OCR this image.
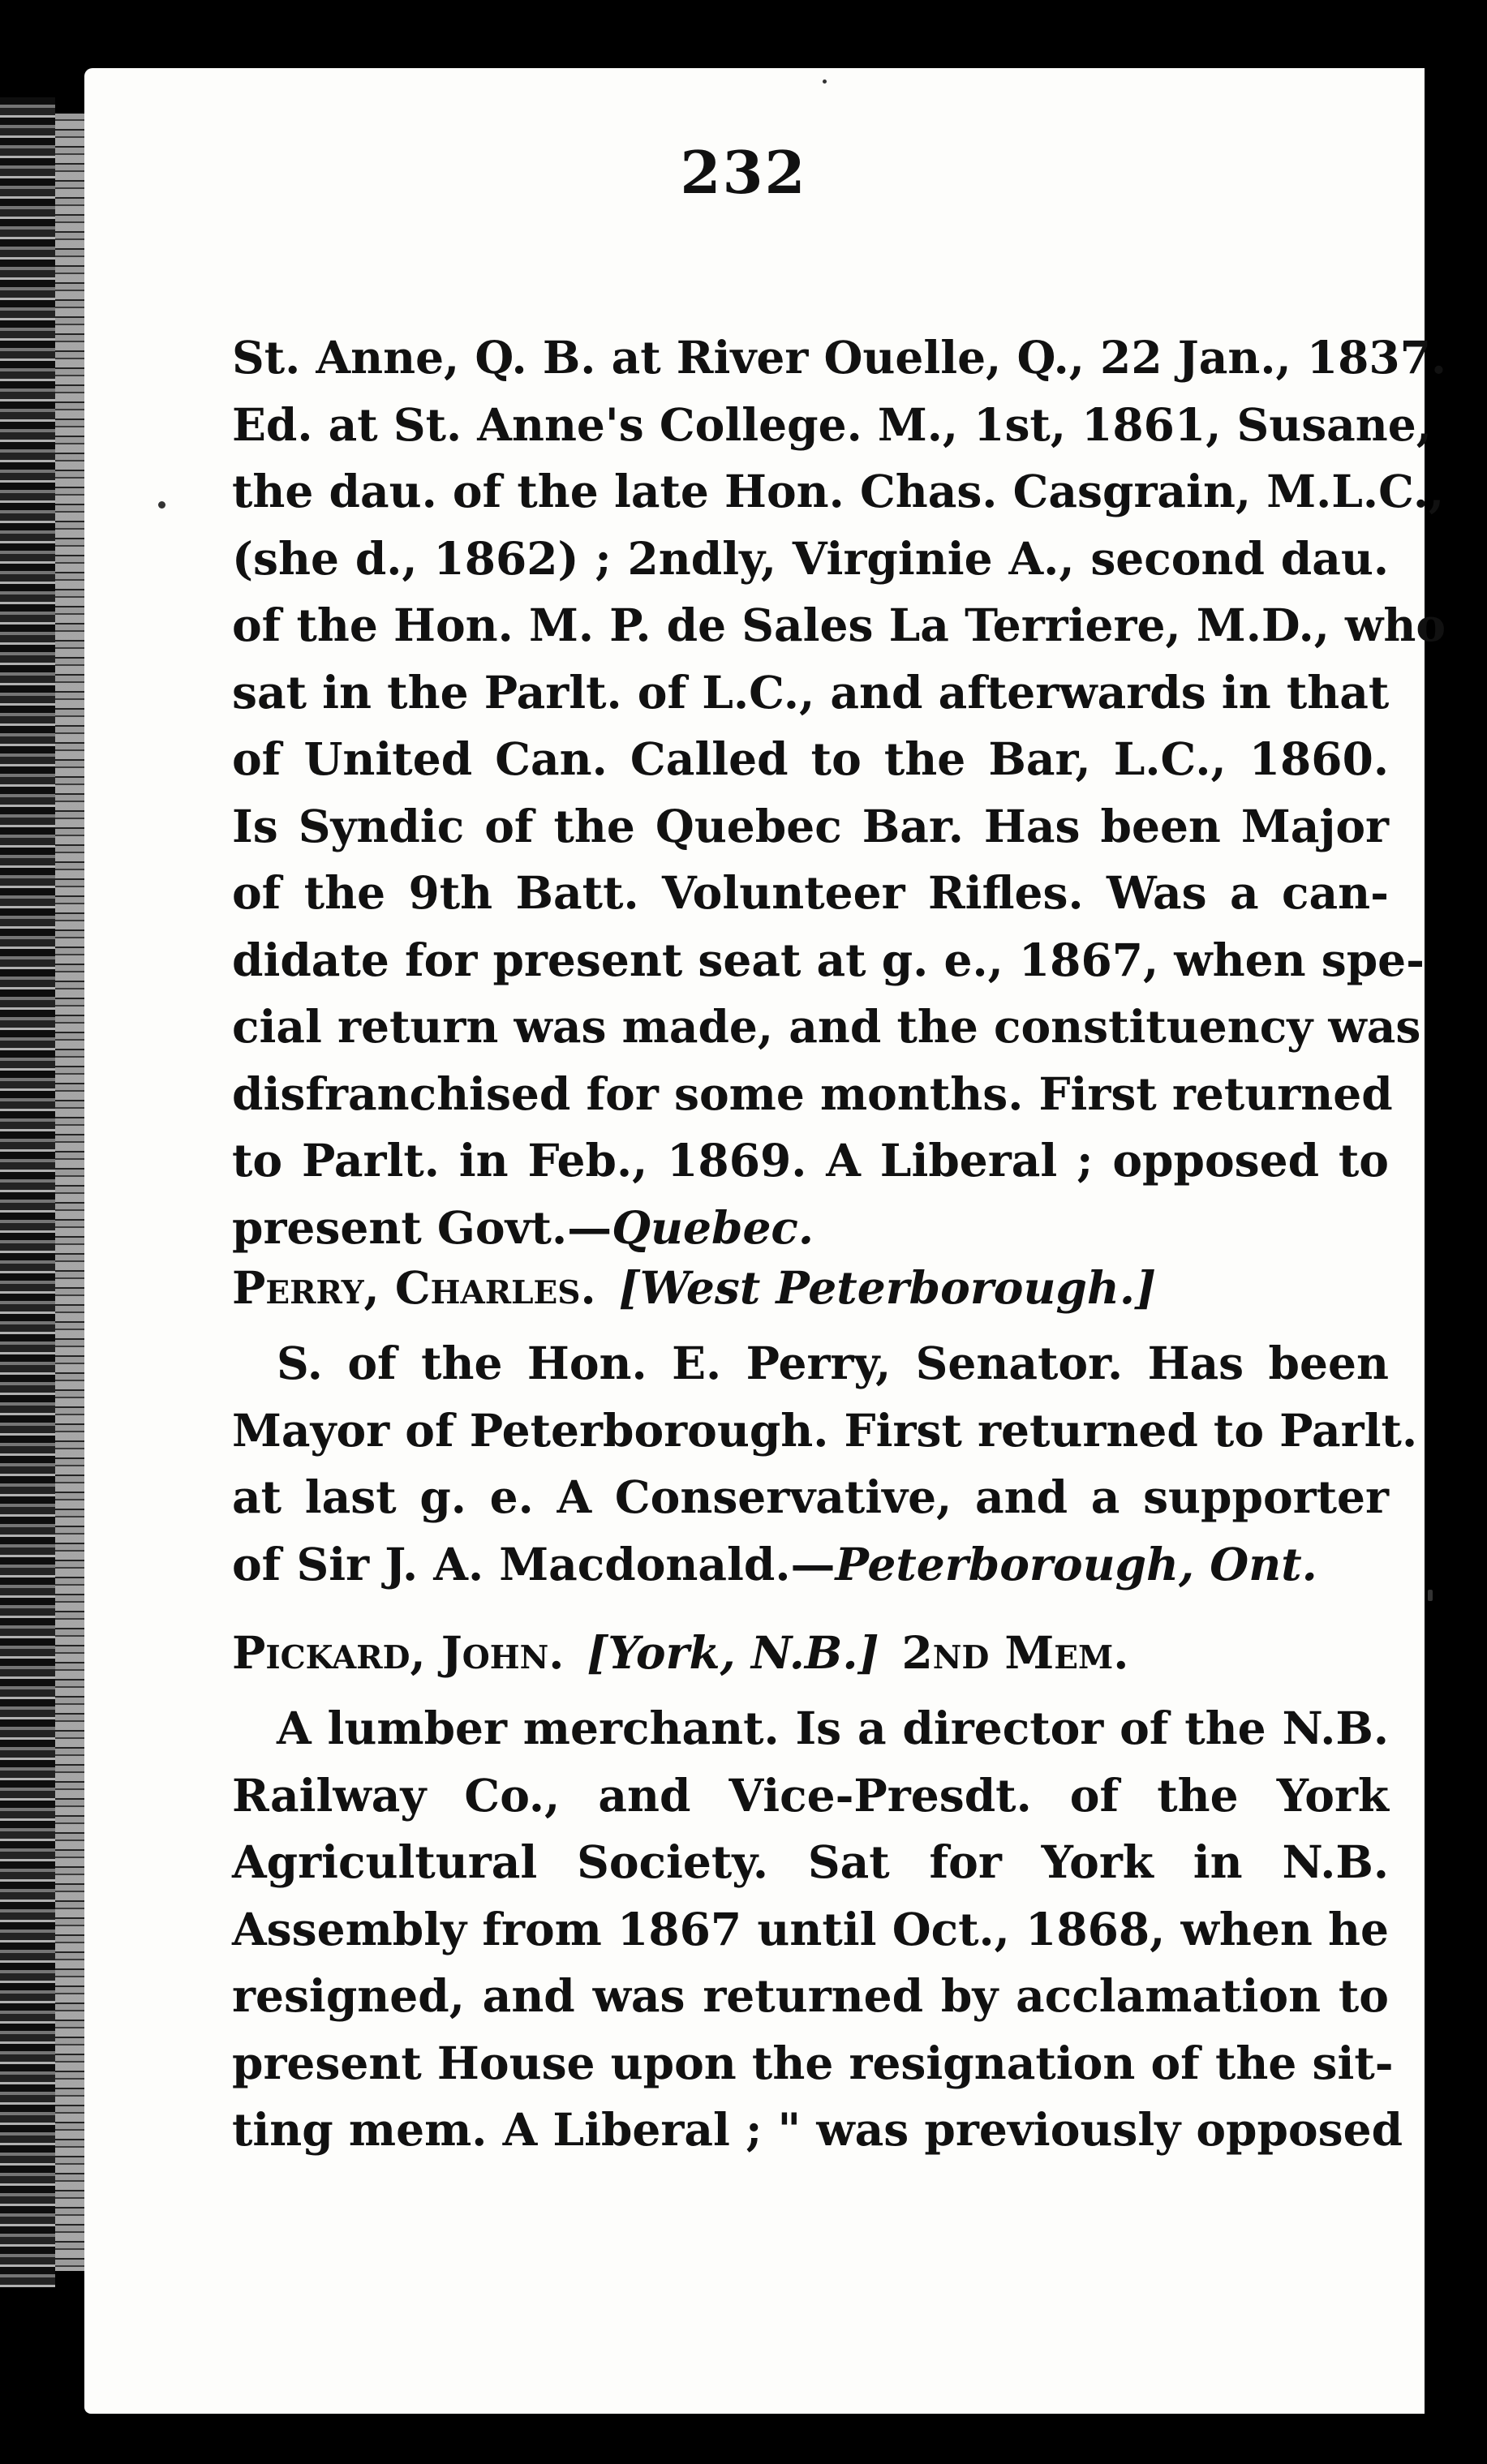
232
St. Anne, Q. B. at River Ouelle, Q., 22 Jan., 1837.
Ed. at St. Anne's College. M., 1st, 1861, Susane,
the dau. of the late Hon. Chas. Casgrain, M.L.C.,
(she d., 1862) ; 2ndly, Virginie A., second dau.
of the Hon. M. P. de Sales La Terriere, M.D., who
sat in the Parlt. of L.C., and afterwards in that
of United Can. Called to the Bar, L.C., 1860.
Is Syndic of the Quebec Bar. Has been Major
of the 9th Batt. Volunteer Rifles. Was a can-
didate for present seat at g. e., 1867, when spe-
cial return was made, and the constituency was
disfranchised for some months. First returned
to Parlt. in Feb., 1869. A Liberal ; opposed to
present Govt.—Quebec.
Perry, Charles. [West Peterborough.]
S. of the Hon. E. Perry, Senator. Has been
Mayor of Peterborough. First returned to Parlt.
at last g. e. A Conservative, and a supporter
of Sir J. A. Macdonald.—Peterborough, Ont.
Pickard, John. [York, N.B.] 2nd Mem.
A lumber merchant. Is a director of the N.B.
Railway Co., and Vice-Presdt. of the York
Agricultural Society. Sat for York in N.B.
Assembly from 1867 until Oct., 1868, when he
resigned, and was returned by acclamation to
present House upon the resignation of the sit-
ting mem. A Liberal ; " was previously opposed
